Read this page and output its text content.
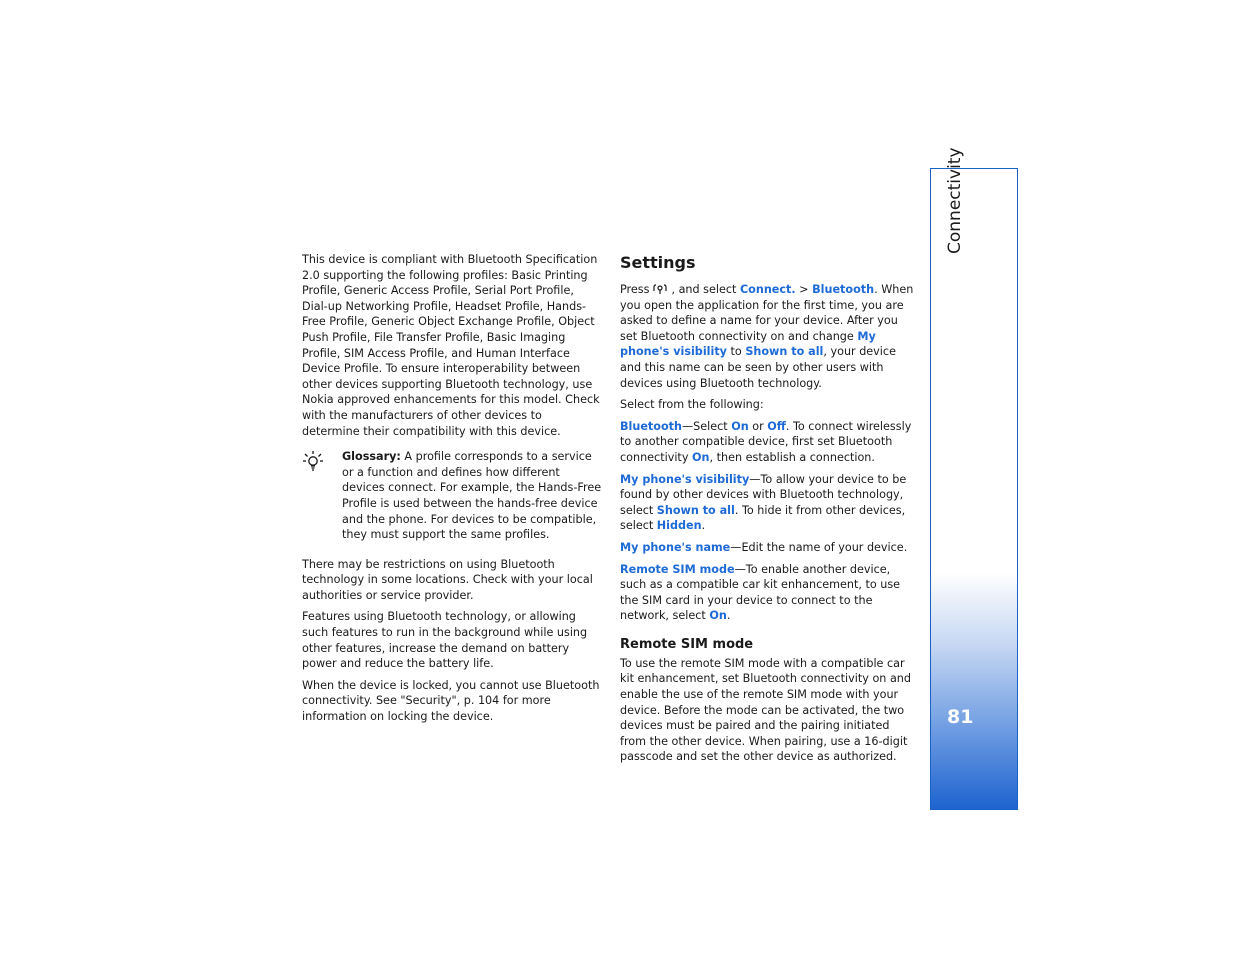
This device is compliant with Bluetooth Specification 2.0 supporting the following profiles: Basic Printing Profile, Generic Access Profile, Serial Port Profile, Dial-up Networking Profile, Headset Profile, Hands-Free Profile, Generic Object Exchange Profile, Object Push Profile, File Transfer Profile, Basic Imaging Profile, SIM Access Profile, and Human Interface Device Profile. To ensure interoperability between other devices supporting Bluetooth technology, use Nokia approved enhancements for this model. Check with the manufacturers of other devices to determine their compatibility with this device.

Glossary: A profile corresponds to a service or a function and defines how different devices connect. For example, the Hands-Free Profile is used between the hands-free device and the phone. For devices to be compatible, they must support the same profiles.

There may be restrictions on using Bluetooth technology in some locations. Check with your local authorities or service provider.

Features using Bluetooth technology, or allowing such features to run in the background while using other features, increase the demand on battery power and reduce the battery life.

When the device is locked, you cannot use Bluetooth connectivity. See "Security", p. 104 for more information on locking the device.

Settings

Press , and select Connect. > Bluetooth. When you open the application for the first time, you are asked to define a name for your device. After you set Bluetooth connectivity on and change My phone's visibility to Shown to all, your device and this name can be seen by other users with devices using Bluetooth technology.

Select from the following:

Bluetooth—Select On or Off. To connect wirelessly to another compatible device, first set Bluetooth connectivity On, then establish a connection.

My phone's visibility—To allow your device to be found by other devices with Bluetooth technology, select Shown to all. To hide it from other devices, select Hidden.

My phone's name—Edit the name of your device.

Remote SIM mode—To enable another device, such as a compatible car kit enhancement, to use the SIM card in your device to connect to the network, select On.

Remote SIM mode

To use the remote SIM mode with a compatible car kit enhancement, set Bluetooth connectivity on and enable the use of the remote SIM mode with your device. Before the mode can be activated, the two devices must be paired and the pairing initiated from the other device. When pairing, use a 16-digit passcode and set the other device as authorized.

Connectivity
81
